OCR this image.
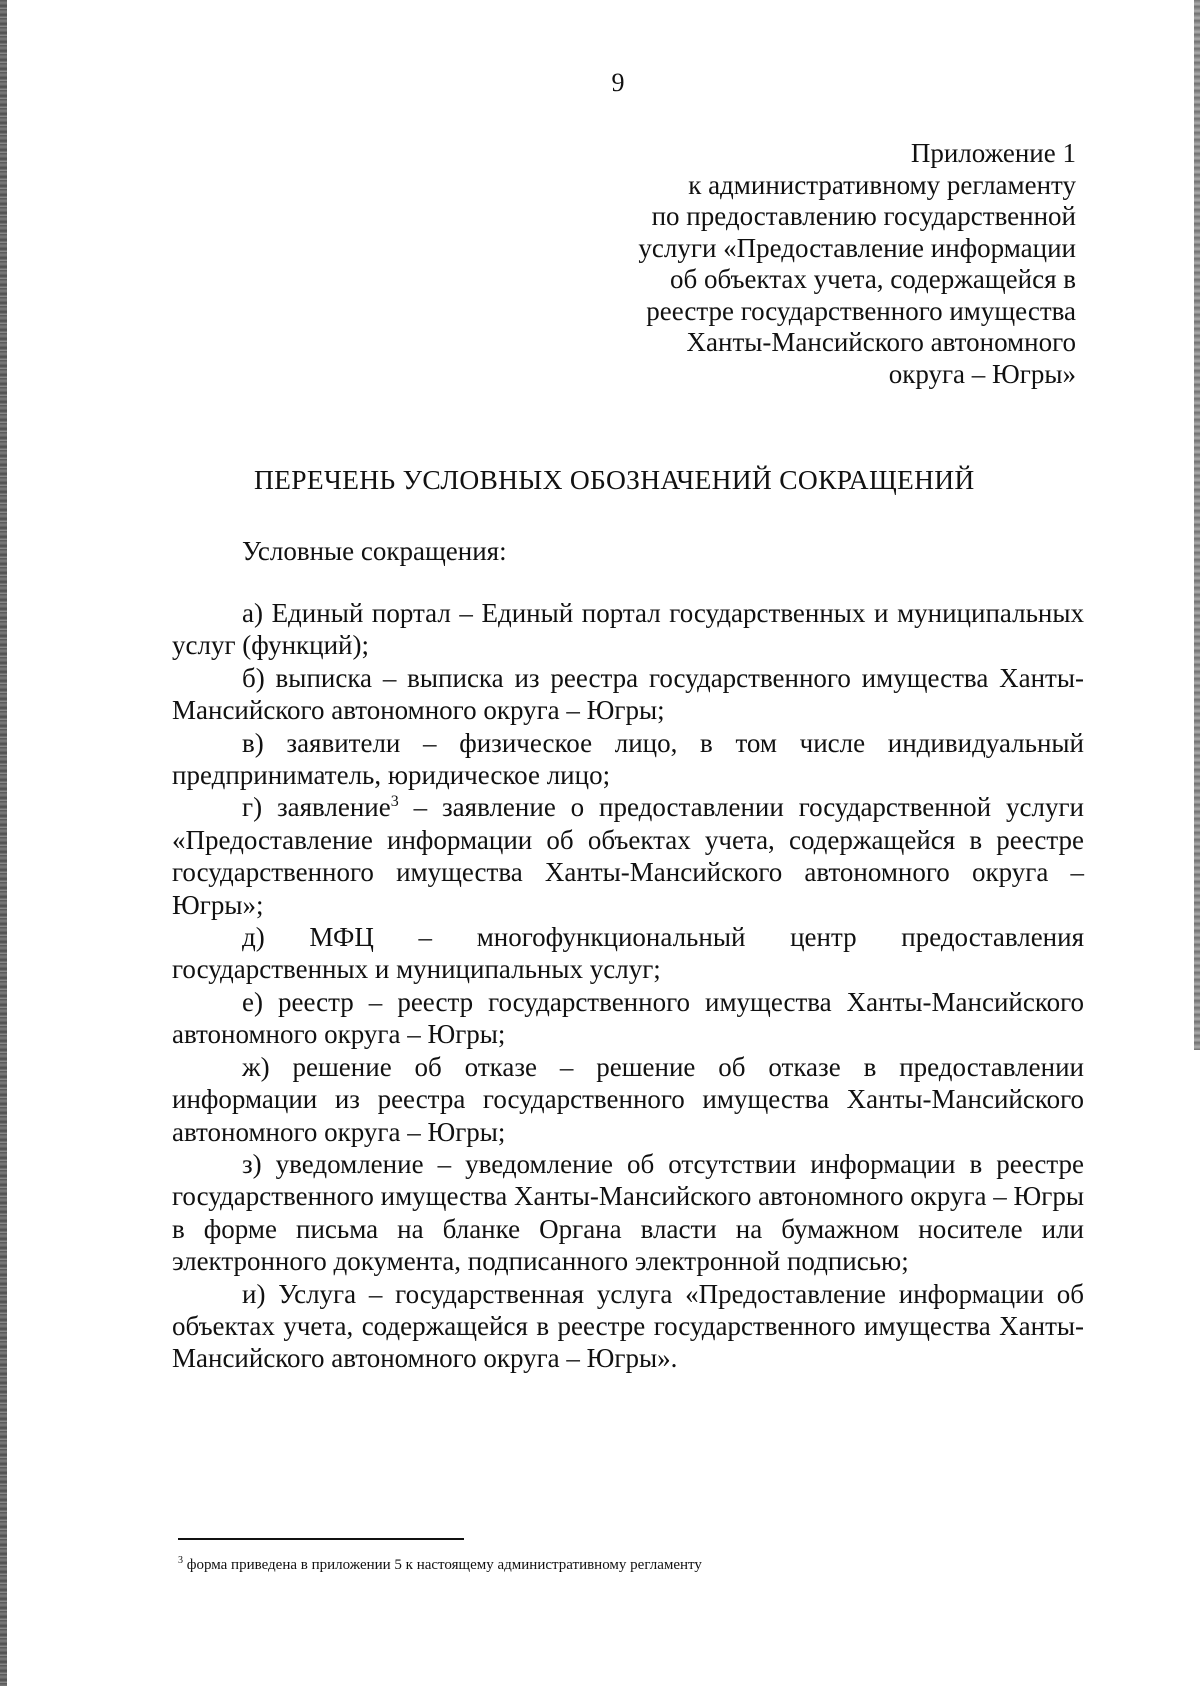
9
Приложение 1
к административному регламенту
по предоставлению государственной
услуги «Предоставление информации
об объектах учета, содержащейся в
реестре государственного имущества
Ханты-Мансийского автономного
округа – Югры»
ПЕРЕЧЕНЬ УСЛОВНЫХ ОБОЗНАЧЕНИЙ СОКРАЩЕНИЙ
Условные сокращения:

а) Единый портал – Единый портал государственных и муниципальных услуг (функций);

б) выписка – выписка из реестра государственного имущества Ханты-Мансийского автономного округа – Югры;

в) заявители – физическое лицо, в том числе индивидуальный предприниматель, юридическое лицо;

г) заявление$^3$ – заявление о предоставлении государственной услуги «Предоставление информации об объектах учета, содержащейся в реестре государственного имущества Ханты-Мансийского автономного округа – Югры»;

д) МФЦ – многофункциональный центр предоставления государственных и муниципальных услуг;

е) реестр – реестр государственного имущества Ханты-Мансийского автономного округа – Югры;

ж) решение об отказе – решение об отказе в предоставлении информации из реестра государственного имущества Ханты-Мансийского автономного округа – Югры;

з) уведомление – уведомление об отсутствии информации в реестре государственного имущества Ханты-Мансийского автономного округа – Югры в форме письма на бланке Органа власти на бумажном носителе или электронного документа, подписанного электронной подписью;

и) Услуга – государственная услуга «Предоставление информации об объектах учета, содержащейся в реестре государственного имущества Ханты-Мансийского автономного округа – Югры».

$^3$ форма приведена в приложении 5 к настоящему административному регламенту
